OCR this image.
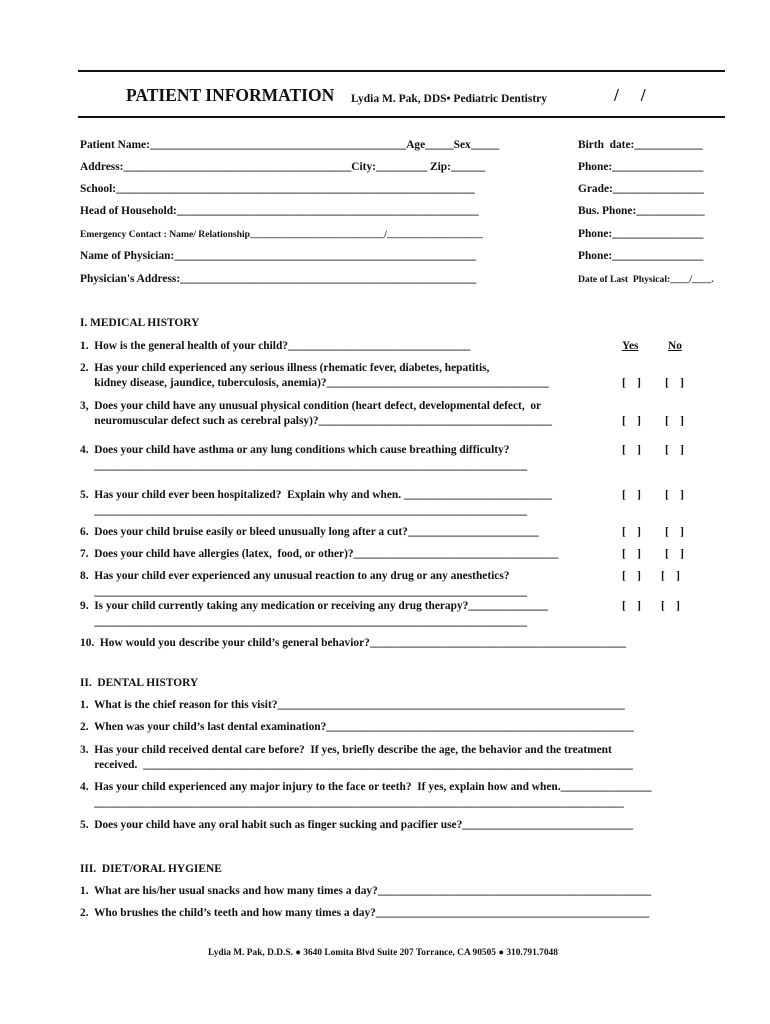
PATIENT INFORMATION Lydia M. Pak, DDS• Pediatric Dentistry	/     /
Patient Name:_____________________________________________Age_____Sex_____	Birth  date:____________
Address:________________________________________City:_________ Zip:______	Phone:________________
School:_______________________________________________________________	Grade:________________
Head of Household:_____________________________________________________	Bus. Phone:____________
Emergency Contact : Name/ Relationship____________________________/____________________	Phone:________________
Name of Physician:_____________________________________________________	Phone:________________
Physician's Address:____________________________________________________	Date of Last  Physical:____/____.
I. MEDICAL HISTORY
1.  How is the general health of your child?________________________________	Yes	No
2.  Has your child experienced any serious illness (rhematic fever, diabetes, hepatitis,
kidney disease, jaundice, tuberculosis, anemia)?_______________________________________	[    ] [    ]
3,  Does your child have any unusual physical condition (heart defect, developmental defect,  or
neuromuscular defect such as cerebral palsy)?_________________________________________	[    ] [    ]
4.  Does your child have asthma or any lung conditions which cause breathing difficulty?	[    ] [    ]
____________________________________________________________________________
5.  Has your child ever been hospitalized?  Explain why and when. __________________________	[    ] [    ]
____________________________________________________________________________
6.  Does your child bruise easily or bleed unusually long after a cut?_______________________	[    ] [    ]
7.  Does your child have allergies (latex,  food, or other)?____________________________________	[    ] [    ]
8.  Has your child ever experienced any unusual reaction to any drug or any anesthetics?	[    ] [    ]
____________________________________________________________________________
9.  Is your child currently taking any medication or receiving any drug therapy?______________	[    ] [    ]
____________________________________________________________________________
10.  How would you describe your child’s general behavior?_____________________________________________
II.  DENTAL HISTORY
1.  What is the chief reason for this visit?_____________________________________________________________
2.  When was your child’s last dental examination?______________________________________________________
3.  Has your child received dental care before?  If yes, briefly describe the age, the behavior and the treatment
received.  ______________________________________________________________________________________
4.  Has your child experienced any major injury to the face or teeth?  If yes, explain how and when.________________
_____________________________________________________________________________________________
5.  Does your child have any oral habit such as finger sucking and pacifier use?______________________________
III.  DIET/ORAL HYGIENE
1.  What are his/her usual snacks and how many times a day?________________________________________________
2.  Who brushes the child’s teeth and how many times a day?________________________________________________
Lydia M. Pak, D.D.S. ● 3640 Lomita Blvd Suite 207 Torrance, CA 90505 ● 310.791.7048
